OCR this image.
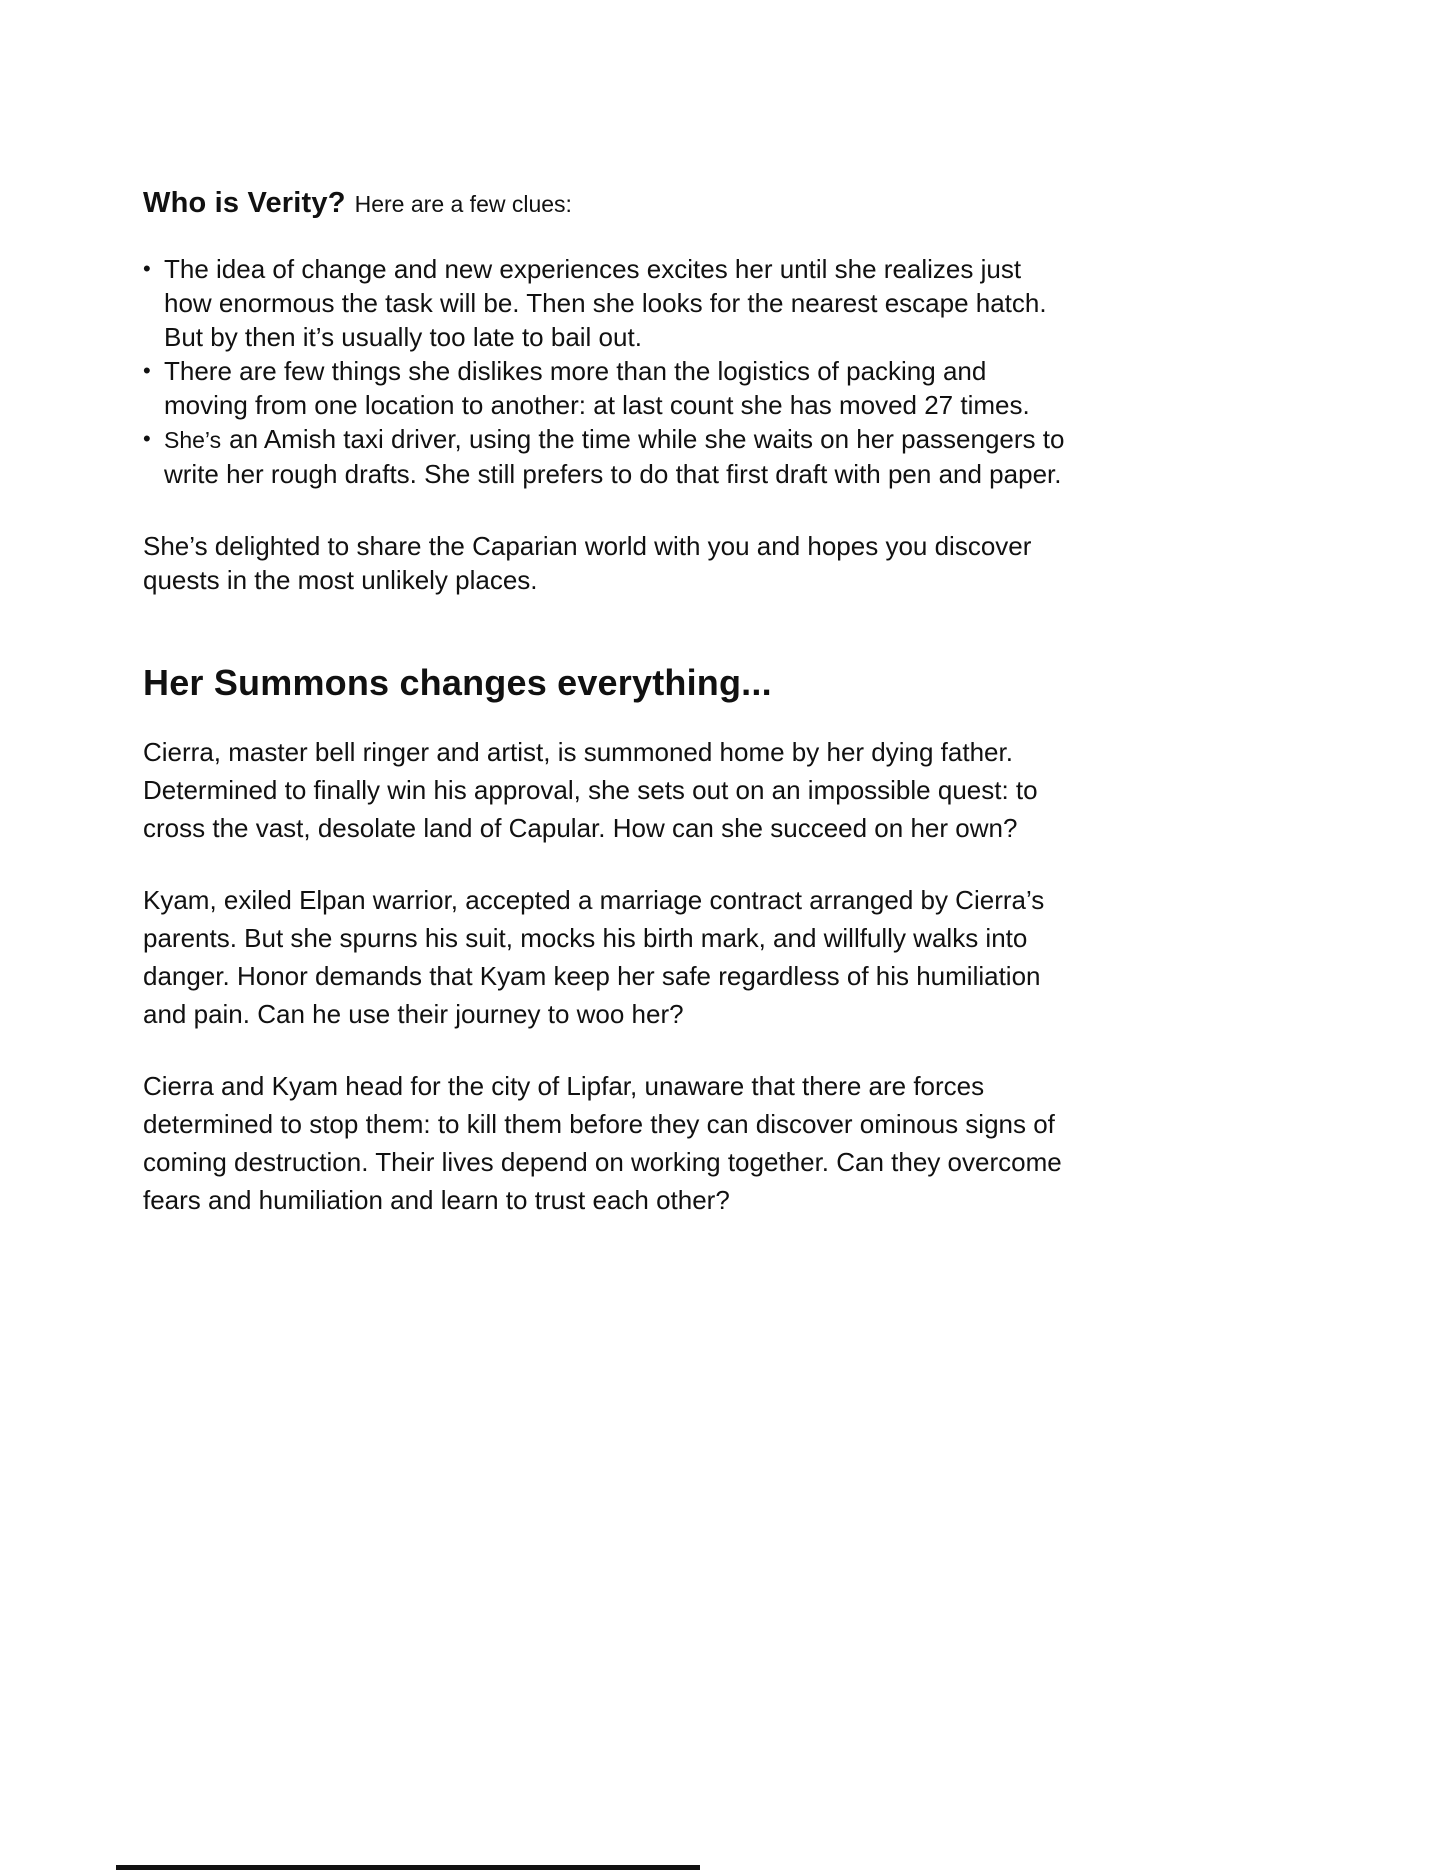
Who is Verity? Here are a few clues:
• The idea of change and new experiences excites her until she realizes just how enormous the task will be. Then she looks for the nearest escape hatch. But by then it’s usually too late to bail out.
• There are few things she dislikes more than the logistics of packing and moving from one location to another: at last count she has moved 27 times.
• She’s an Amish taxi driver, using the time while she waits on her passengers to write her rough drafts. She still prefers to do that first draft with pen and paper.
She’s delighted to share the Caparian world with you and hopes you discover quests in the most unlikely places.
Her Summons changes everything...
Cierra, master bell ringer and artist, is summoned home by her dying father. Determined to finally win his approval, she sets out on an impossible quest: to cross the vast, desolate land of Capular. How can she succeed on her own?
Kyam, exiled Elpan warrior, accepted a marriage contract arranged by Cierra’s parents. But she spurns his suit, mocks his birth mark, and willfully walks into danger. Honor demands that Kyam keep her safe regardless of his humiliation and pain. Can he use their journey to woo her?
Cierra and Kyam head for the city of Lipfar, unaware that there are forces determined to stop them: to kill them before they can discover ominous signs of coming destruction. Their lives depend on working together. Can they overcome fears and humiliation and learn to trust each other?
